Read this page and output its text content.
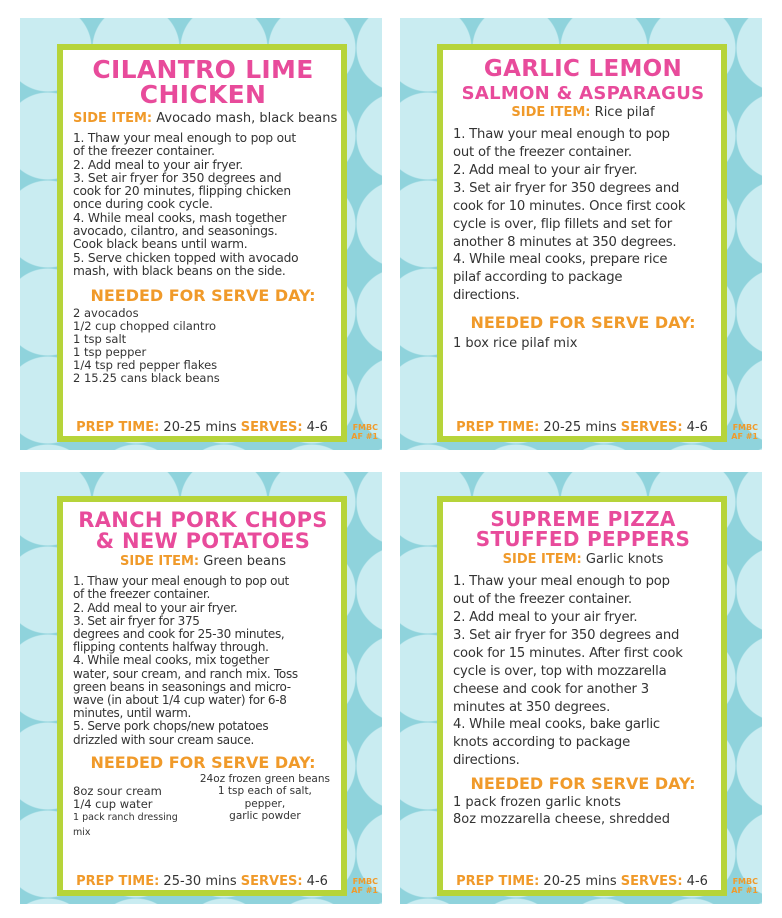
CILANTRO LIME
CHICKEN

SIDE ITEM: Avocado mash, black beans

1. Thaw your meal enough to pop out
of the freezer container.
2. Add meal to your air fryer.
3. Set air fryer for 350 degrees and
cook for 20 minutes, flipping chicken
once during cook cycle.
4. While meal cooks, mash together
avocado, cilantro, and seasonings.
Cook black beans until warm.
5. Serve chicken topped with avocado
mash, with black beans on the side.

NEEDED FOR SERVE DAY:

2 avocados
1/2 cup chopped cilantro
1 tsp salt
1 tsp pepper
1/4 tsp red pepper flakes
2 15.25 cans black beans

PREP TIME: 20-25 mins SERVES: 4-6	FMBC
AF #1

GARLIC LEMON
SALMON & ASPARAGUS

SIDE ITEM: Rice pilaf

1. Thaw your meal enough to pop
out of the freezer container.
2. Add meal to your air fryer.
3. Set air fryer for 350 degrees and
cook for 10 minutes. Once first cook
cycle is over, flip fillets and set for
another 8 minutes at 350 degrees.
4. While meal cooks, prepare rice
pilaf according to package
directions.

NEEDED FOR SERVE DAY:

1 box rice pilaf mix

PREP TIME: 20-25 mins SERVES: 4-6	FMBC
AF #1

RANCH PORK CHOPS
& NEW POTATOES

SIDE ITEM: Green beans

1. Thaw your meal enough to pop out
of the freezer container.
2. Add meal to your air fryer.
3. Set air fryer for 375
degrees and cook for 25-30 minutes,
flipping contents halfway through.
4. While meal cooks, mix together
water, sour cream, and ranch mix. Toss
green beans in seasonings and micro-
wave (in about 1/4 cup water) for 6-8
minutes, until warm.
5. Serve pork chops/new potatoes
drizzled with sour cream sauce.

NEEDED FOR SERVE DAY:

8oz sour cream
1/4 cup water
1 pack ranch dressing mix

24oz frozen green beans
1 tsp each of salt, pepper,
garlic powder
PREP TIME: 25-30 mins SERVES: 4-6	FMBC
AF #1

SUPREME PIZZA
STUFFED PEPPERS

SIDE ITEM: Garlic knots

1. Thaw your meal enough to pop
out of the freezer container.
2. Add meal to your air fryer.
3. Set air fryer for 350 degrees and
cook for 15 minutes. After first cook
cycle is over, top with mozzarella
cheese and cook for another 3
minutes at 350 degrees.
4. While meal cooks, bake garlic
knots according to package
directions.

NEEDED FOR SERVE DAY:

1 pack frozen garlic knots
8oz mozzarella cheese, shredded

PREP TIME: 20-25 mins SERVES: 4-6	FMBC
AF #1
